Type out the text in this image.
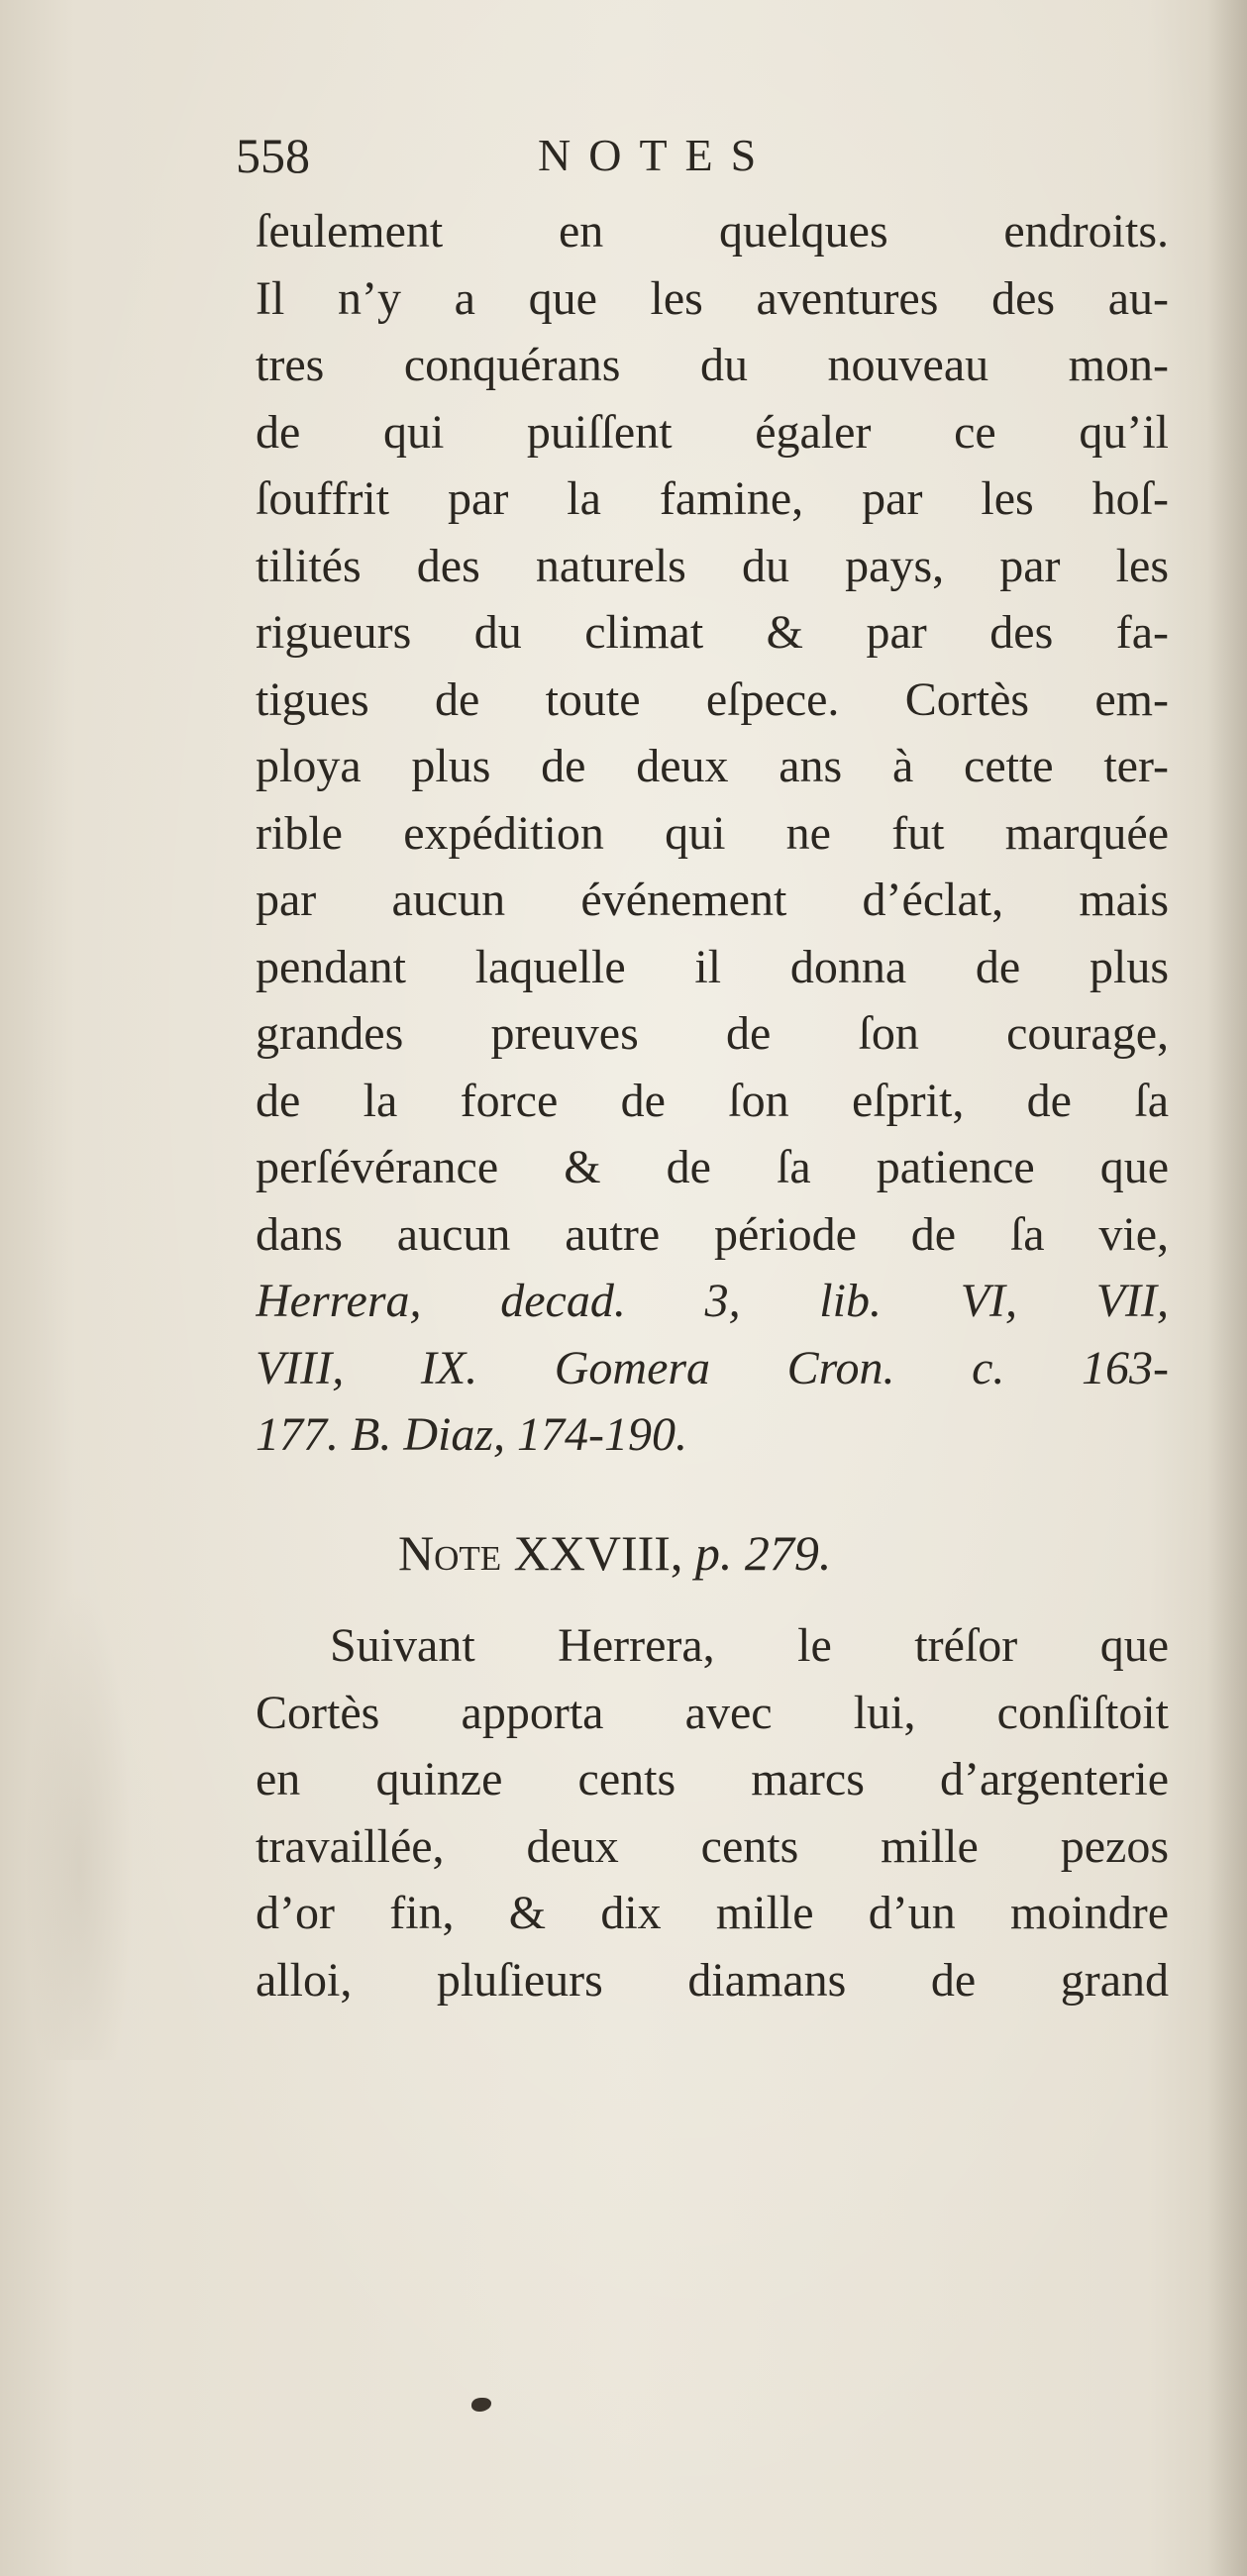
558	NOTES
ſeulement en quelques endroits.
Il n’y a que les aventures des au-
tres conquérans du nouveau mon-
de qui puiſſent égaler ce qu’il
ſouffrit par la famine, par les hoſ-
tilités des naturels du pays, par les
rigueurs du climat & par des fa-
tigues de toute eſpece. Cortès em-
ploya plus de deux ans à cette ter-
rible expédition qui ne fut marquée
par aucun événement d’éclat, mais
pendant laquelle il donna de plus
grandes preuves de ſon courage,
de la force de ſon eſprit, de ſa
perſévérance & de ſa patience que
dans aucun autre période de ſa vie,
Herrera, decad. 3, lib. VI, VII,
VIII, IX. Gomera Cron. c. 163-
177. B. Diaz, 174-190.
Note XXVIII, p. 279.
Suivant Herrera, le tréſor que
Cortès apporta avec lui, conſiſtoit
en quinze cents marcs d’argenterie
travaillée, deux cents mille pezos
d’or fin, & dix mille d’un moindre
alloi, pluſieurs diamans de grand
